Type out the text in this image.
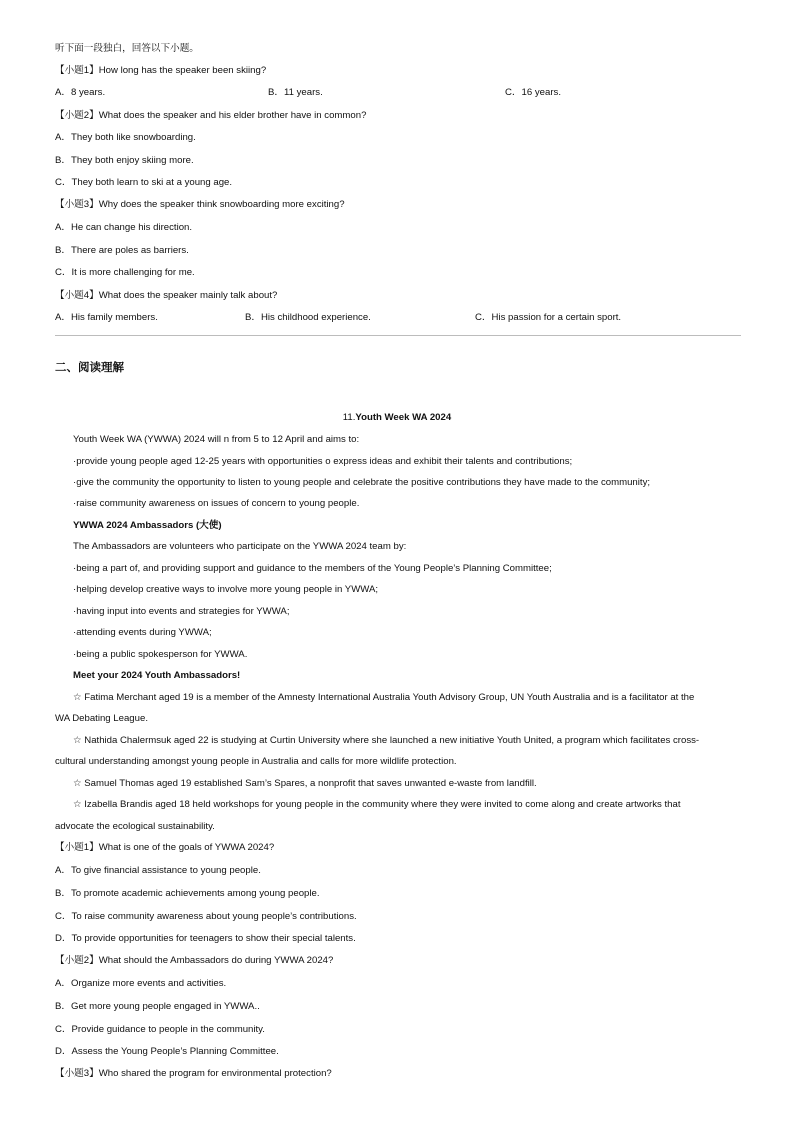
听下面一段独白，回答以下小题。
【小题1】How long has the speaker been skiing?
A．8 years.	B．11 years.	C．16 years.
【小题2】What does the speaker and his elder brother have in common?
A．They both like snowboarding.
B．They both enjoy skiing more.
C．They both learn to ski at a young age.
【小题3】Why does the speaker think snowboarding more exciting?
A．He can change his direction.
B．There are poles as barriers.
C．It is more challenging for me.
【小题4】What does the speaker mainly talk about?
A．His family members.	B．His childhood experience.	C．His passion for a certain sport.
二、阅读理解
11.Youth Week WA 2024
Youth Week WA (YWWA) 2024 will n from 5 to 12 April and aims to:
·provide young people aged 12-25 years with opportunities o express ideas and exhibit their talents and contributions;
·give the community the opportunity to listen to young people and celebrate the positive contributions they have made to the community;
·raise community awareness on issues of concern to young people.
YWWA 2024 Ambassadors (大使)
The Ambassadors are volunteers who participate on the YWWA 2024 team by:
·being a part of, and providing support and guidance to the members of the Young People’s Planning Committee;
·helping develop creative ways to involve more young people in YWWA;
·having input into events and strategies for YWWA;
·attending events during YWWA;
·being a public spokesperson for YWWA.
Meet your 2024 Youth Ambassadors!
☆ Fatima Merchant aged 19 is a member of the Amnesty International Australia Youth Advisory Group, UN Youth Australia and is a facilitator at the
WA Debating League.
☆ Nathida Chalermsuk aged 22 is studying at Curtin University where she launched a new initiative Youth United, a program which facilitates cross-
cultural understanding amongst young people in Australia and calls for more wildlife protection.
☆ Samuel Thomas aged 19 established Sam’s Spares, a nonprofit that saves unwanted e-waste from landfill.
☆ Izabella Brandis aged 18 held workshops for young people in the community where they were invited to come along and create artworks that
advocate the ecological sustainability.
【小题1】What is one of the goals of YWWA 2024?
A．To give financial assistance to young people.
B．To promote academic achievements among young people.
C．To raise community awareness about young people’s contributions.
D．To provide opportunities for teenagers to show their special talents.
【小题2】What should the Ambassadors do during YWWA 2024?
A．Organize more events and activities.
B．Get more young people engaged in YWWA..
C．Provide guidance to people in the community.
D．Assess the Young People’s Planning Committee.
【小题3】Who shared the program for environmental protection?
